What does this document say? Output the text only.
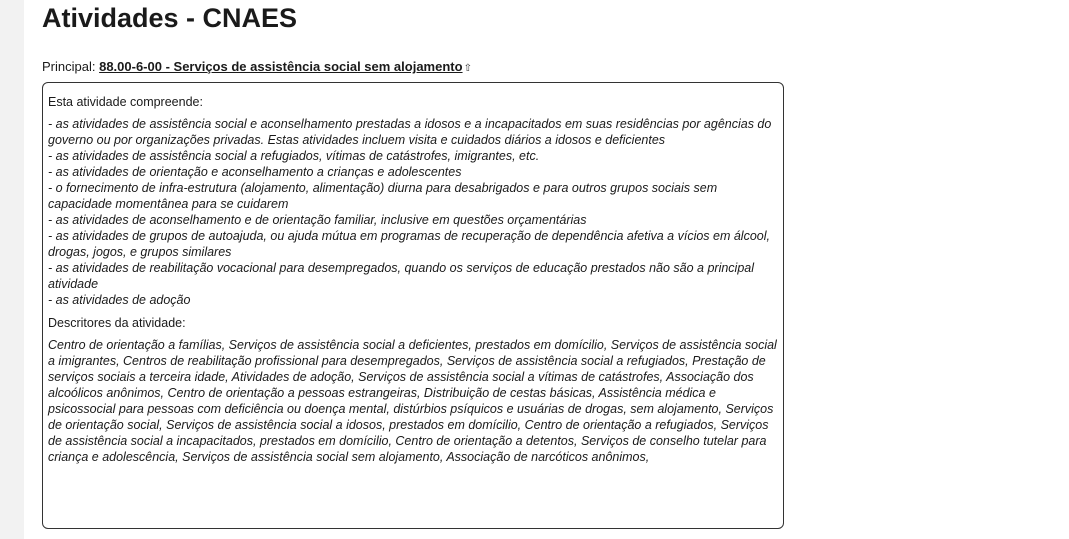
Atividades - CNAES
Principal: 88.00-6-00 - Serviços de assistência social sem alojamento⇧

Esta atividade compreende:

- as atividades de assistência social e aconselhamento prestadas a idosos e a incapacitados em suas residências por agências do governo ou por organizações privadas. Estas atividades incluem visita e cuidados diários a idosos e deficientes
- as atividades de assistência social a refugiados, vítimas de catástrofes, imigrantes, etc.
- as atividades de orientação e aconselhamento a crianças e adolescentes
- o fornecimento de infra-estrutura (alojamento, alimentação) diurna para desabrigados e para outros grupos sociais sem capacidade momentânea para se cuidarem
- as atividades de aconselhamento e de orientação familiar, inclusive em questões orçamentárias
- as atividades de grupos de autoajuda, ou ajuda mútua em programas de recuperação de dependência afetiva a vícios em álcool, drogas, jogos, e grupos similares
- as atividades de reabilitação vocacional para desempregados, quando os serviços de educação prestados não são a principal atividade
- as atividades de adoção

Descritores da atividade:

Centro de orientação a famílias, Serviços de assistência social a deficientes, prestados em domícilio, Serviços de assistência social a imigrantes, Centros de reabilitação profissional para desempregados, Serviços de assistência social a refugiados, Prestação de serviços sociais a terceira idade, Atividades de adoção, Serviços de assistência social a vítimas de catástrofes, Associação dos alcoólicos anônimos, Centro de orientação a pessoas estrangeiras, Distribuição de cestas básicas, Assistência médica e psicossocial para pessoas com deficiência ou doença mental, distúrbios psíquicos e usuárias de drogas, sem alojamento, Serviços de orientação social, Serviços de assistência social a idosos, prestados em domícilio, Centro de orientação a refugiados, Serviços de assistência social a incapacitados, prestados em domícilio, Centro de orientação a detentos, Serviços de conselho tutelar para criança e adolescência, Serviços de assistência social sem alojamento, Associação de narcóticos anônimos,
